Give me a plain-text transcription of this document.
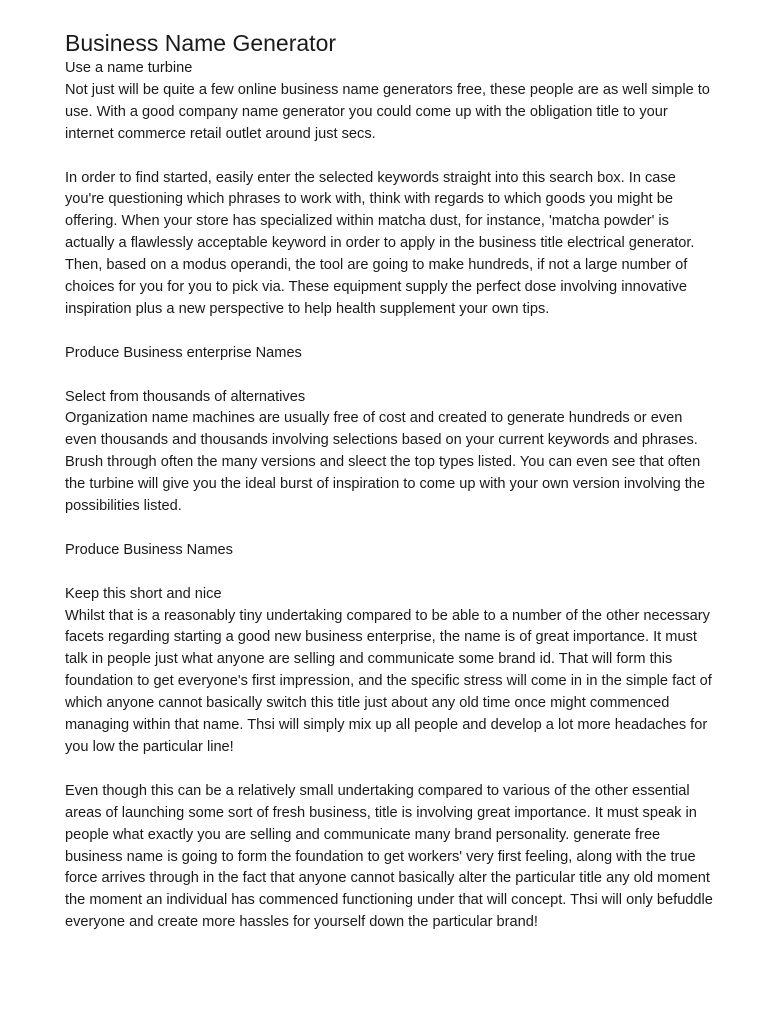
Business Name Generator

Use a name turbine

Not just will be quite a few online business name generators free, these people are as well simple to use. With a good company name generator you could come up with the obligation title to your internet commerce retail outlet around just secs.

In order to find started, easily enter the selected keywords straight into this search box. In case you're questioning which phrases to work with, think with regards to which goods you might be offering. When your store has specialized within matcha dust, for instance, 'matcha powder' is actually a flawlessly acceptable keyword in order to apply in the business title electrical generator. Then, based on a modus operandi, the tool are going to make hundreds, if not a large number of choices for you for you to pick via. These equipment supply the perfect dose involving innovative inspiration plus a new perspective to help health supplement your own tips.

Produce Business enterprise Names

Select from thousands of alternatives

Organization name machines are usually free of cost and created to generate hundreds or even even thousands and thousands involving selections based on your current keywords and phrases. Brush through often the many versions and sleect the top types listed. You can even see that often the turbine will give you the ideal burst of inspiration to come up with your own version involving the possibilities listed.

Produce Business Names

Keep this short and nice

Whilst that is a reasonably tiny undertaking compared to be able to a number of the other necessary facets regarding starting a good new business enterprise, the name is of great importance. It must talk in people just what anyone are selling and communicate some brand id. That will form this foundation to get everyone's first impression, and the specific stress will come in in the simple fact of which anyone cannot basically switch this title just about any old time once might commenced managing within that name. Thsi will simply mix up all people and develop a lot more headaches for you low the particular line!

Even though this can be a relatively small undertaking compared to various of the other essential areas of launching some sort of fresh business, title is involving great importance. It must speak in people what exactly you are selling and communicate many brand personality. generate free business name is going to form the foundation to get workers' very first feeling, along with the true force arrives through in the fact that anyone cannot basically alter the particular title any old moment the moment an individual has commenced functioning under that will concept. Thsi will only befuddle everyone and create more hassles for yourself down the particular brand!
